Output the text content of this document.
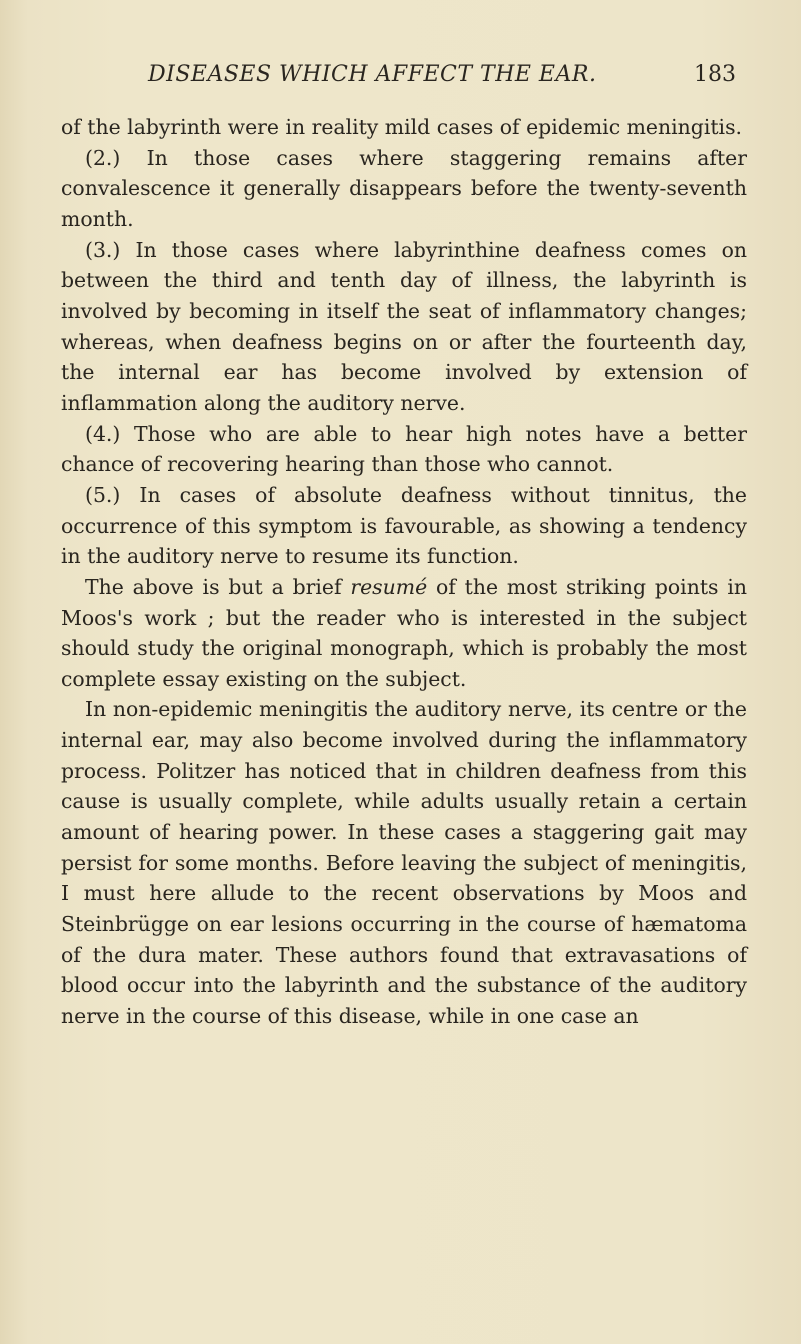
DISEASES WHICH AFFECT THE EAR.	183

of the labyrinth were in reality mild cases of epidemic meningitis.

(2.) In those cases where staggering remains after convalescence it generally disappears before the twenty-seventh month.

(3.) In those cases where labyrinthine deafness comes on between the third and tenth day of illness, the labyrinth is involved by becoming in itself the seat of inflammatory changes; whereas, when deafness begins on or after the fourteenth day, the internal ear has become involved by extension of inflammation along the auditory nerve.

(4.) Those who are able to hear high notes have a better chance of recovering hearing than those who cannot.

(5.) In cases of absolute deafness without tinnitus, the occurrence of this symptom is favourable, as showing a tendency in the auditory nerve to resume its function.

The above is but a brief resumé of the most striking points in Moos's work ; but the reader who is interested in the subject should study the original monograph, which is probably the most complete essay existing on the subject.

In non-epidemic meningitis the auditory nerve, its centre or the internal ear, may also become involved during the inflammatory process. Politzer has noticed that in children deafness from this cause is usually complete, while adults usually retain a certain amount of hearing power. In these cases a staggering gait may persist for some months. Before leaving the subject of meningitis, I must here allude to the recent observations by Moos and Steinbrügge on ear lesions occurring in the course of hæmatoma of the dura mater. These authors found that extravasations of blood occur into the labyrinth and the substance of the auditory nerve in the course of this disease, while in one case an
